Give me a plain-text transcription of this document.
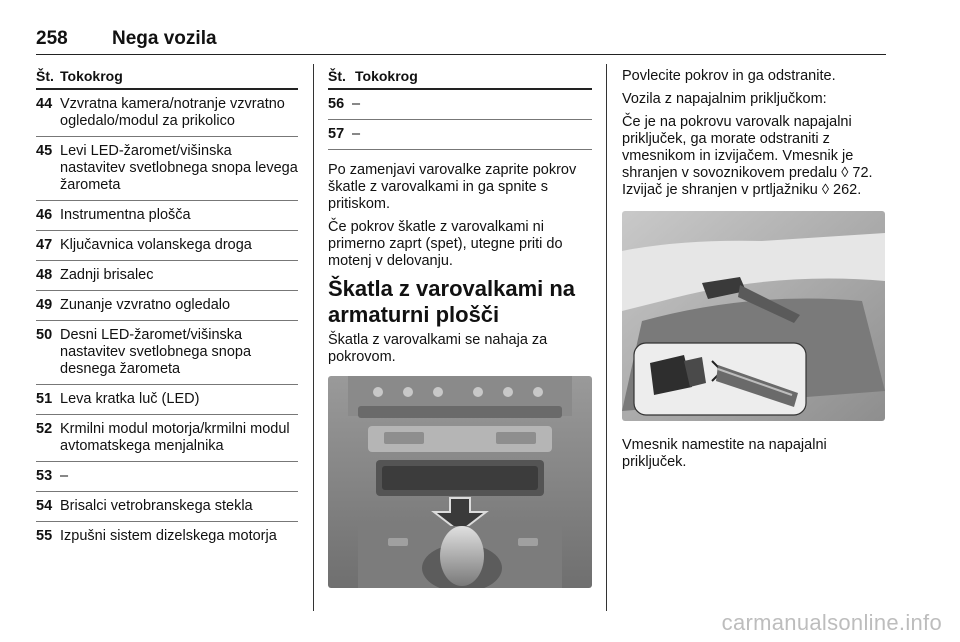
258 Nega vozila
Št. Tokokrog
44 Vzvratna kamera/notranje vzvratno ogledalo/modul za prikolico
45 Levi LED-žaromet/višinska nastavitev svetlobnega snopa levega žarometa
46 Instrumentna plošča
47 Ključavnica volanskega droga
48 Zadnji brisalec
49 Zunanje vzvratno ogledalo
50 Desni LED-žaromet/višinska nastavitev svetlobnega snopa desnega žarometa
51 Leva kratka luč (LED)
52 Krmilni modul motorja/krmilni modul avtomatskega menjalnika
53 –
54 Brisalci vetrobranskega stekla
55 Izpušni sistem dizelskega motorja
Št. Tokokrog
56 –
57 –

Po zamenjavi varovalke zaprite pokrov škatle z varovalkami in ga spnite s pritiskom.

Če pokrov škatle z varovalkami ni primerno zaprt (spet), utegne priti do motenj v delovanju.

Škatla z varovalkami na armaturni plošči

Škatla z varovalkami se nahaja za pokrovom.

Povlecite pokrov in ga odstranite.

Vozila z napajalnim priključkom:

Če je na pokrovu varovalk napajalni priključek, ga morate odstraniti z vmesnikom in izvijačem. Vmesnik je shranjen v sovoznikovem predalu ◊ 72. Izvijač je shranjen v prtljažniku ◊ 262.

Vmesnik namestite na napajalni priključek.

carmanualsonline.info
